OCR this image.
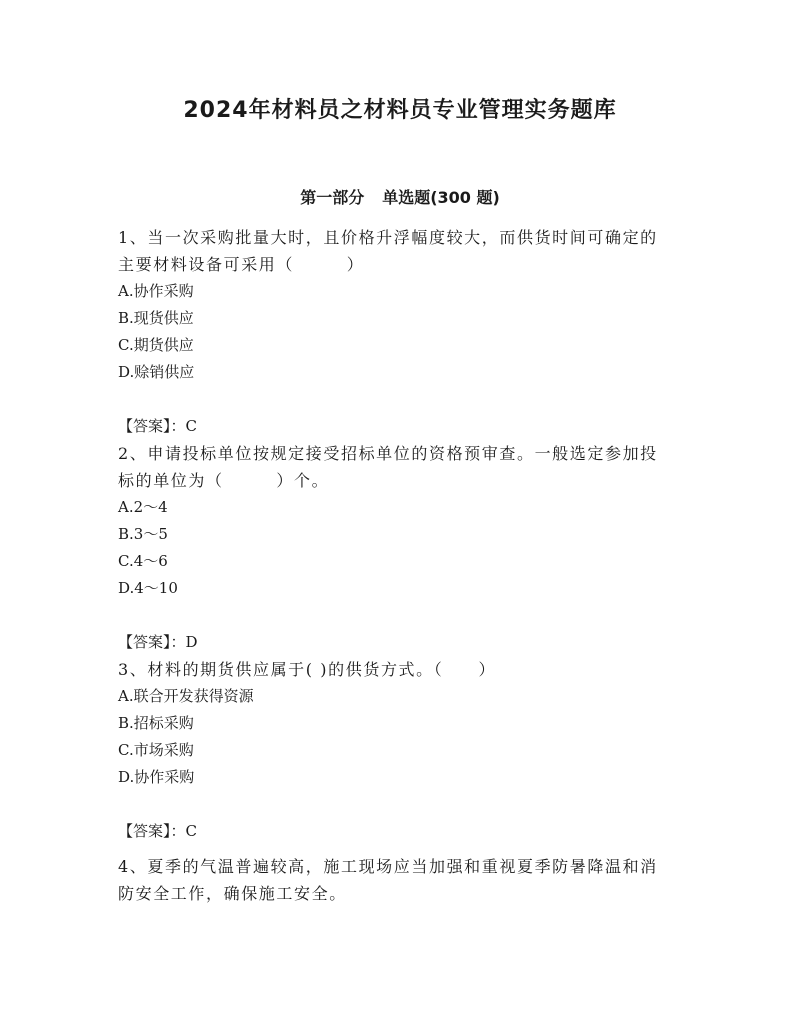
2024年材料员之材料员专业管理实务题库
第一部分 单选题(300 题)

1、当一次采购批量大时，且价格升浮幅度较大，而供货时间可确定的

主要材料设备可采用（　　　）

A.协作采购

B.现货供应

C.期货供应

D.赊销供应

【答案】：C

2、申请投标单位按规定接受招标单位的资格预审查。一般选定参加投

标的单位为（　　　）个。

A.2～4

B.3～5

C.4～6

D.4～10

【答案】：D

3、材料的期货供应属于( )的供货方式。（　　）

A.联合开发获得资源

B.招标采购

C.市场采购

D.协作采购

【答案】：C

4、夏季的气温普遍较高，施工现场应当加强和重视夏季防暑降温和消

防安全工作，确保施工安全。
